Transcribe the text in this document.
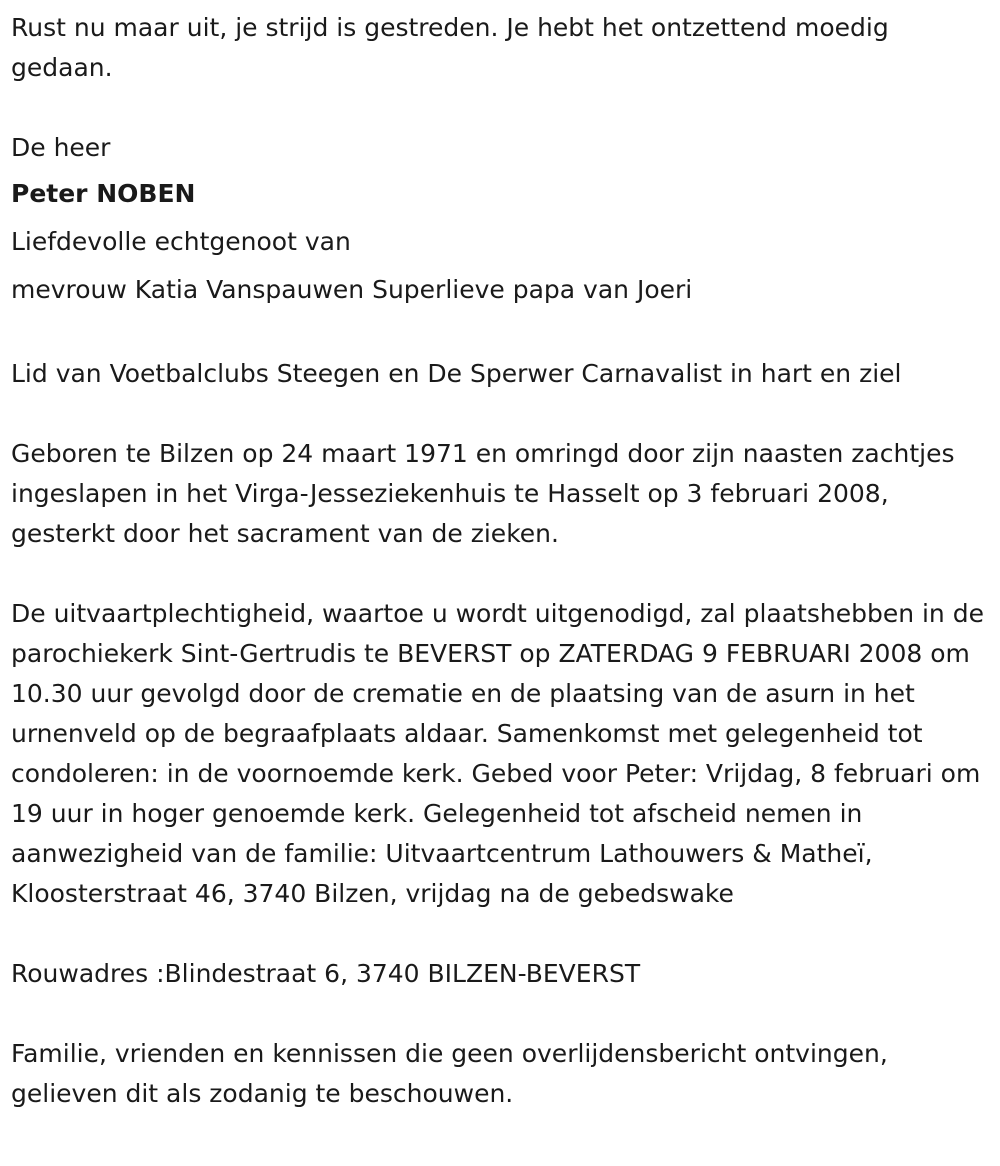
Rust nu maar uit, je strijd is gestreden. Je hebt het ontzettend moedig gedaan.

De heer

Peter NOBEN

Liefdevolle echtgenoot van

mevrouw Katia Vanspauwen Superlieve papa van Joeri

Lid van Voetbalclubs Steegen en De Sperwer Carnavalist in hart en ziel

Geboren te Bilzen op 24 maart 1971 en omringd door zijn naasten zachtjes ingeslapen in het Virga-Jesseziekenhuis te Hasselt op 3 februari 2008, gesterkt door het sacrament van de zieken.

De uitvaartplechtigheid, waartoe u wordt uitgenodigd, zal plaatshebben in de parochiekerk Sint-Gertrudis te BEVERST op ZATERDAG 9 FEBRUARI 2008 om 10.30 uur gevolgd door de crematie en de plaatsing van de asurn in het urnenveld op de begraafplaats aldaar. Samenkomst met gelegenheid tot condoleren: in de voornoemde kerk. Gebed voor Peter: Vrijdag, 8 februari om 19 uur in hoger genoemde kerk. Gelegenheid tot afscheid nemen in aanwezigheid van de familie: Uitvaartcentrum Lathouwers & Matheï, Kloosterstraat 46, 3740 Bilzen, vrijdag na de gebedswake

Rouwadres :Blindestraat 6, 3740 BILZEN-BEVERST

Familie, vrienden en kennissen die geen overlijdensbericht ontvingen, gelieven dit als zodanig te beschouwen.
